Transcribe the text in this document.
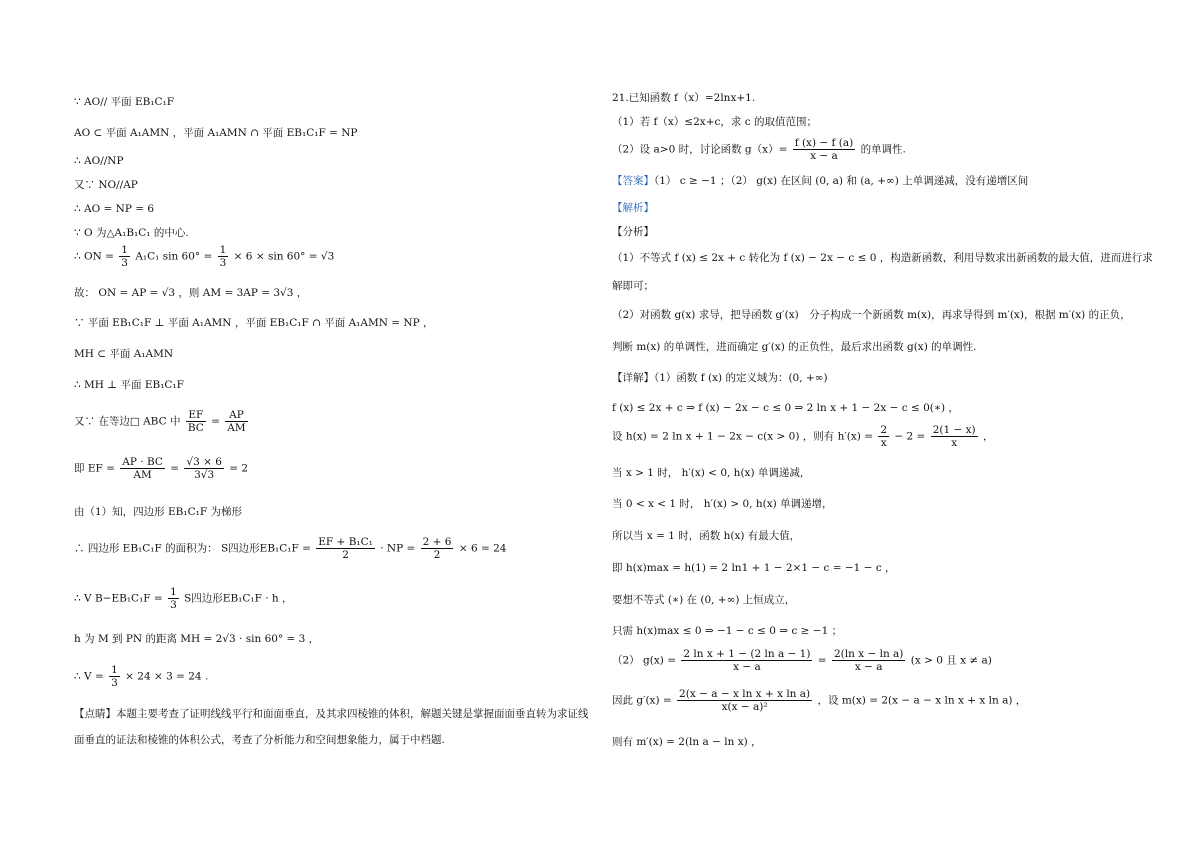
∵ AO// 平面 EB₁C₁F
AO ⊂ 平面 A₁AMN ，平面 A₁AMN ∩ 平面 EB₁C₁F = NP
∴ AO//NP
又∵ NO//AP
∴ AO = NP = 6
∵ O 为△A₁B₁C₁ 的中心.
∴ ON = $\frac{1}{3} A_1C_1$ $\sin 60^\circ = \frac{1}{3} \times 6 \times \sin 60^\circ = √3$
故： ON = AP = √3 ，则 AM = 3AP = 3√3 ，
∵ 平面 EB₁C₁F ⊥ 平面 A₁AMN ，平面 EB₁C₁F ∩ 平面 A₁AMN = NP ，
MH ⊂ 平面 A₁AMN
∴ MH ⊥ 平面 EB₁C₁F
又∵ 在等边□ ABC 中 $\frac{EF}{BC} = \frac{AP}{AM}$
即 EF = $\frac{AP \cdot BC}{AM} = \frac{√3 \times 6}{3√3} = 2$
由（1）知，四边形 EB₁C₁F 为梯形
∴ 四边形 EB₁C₁F 的面积为： S四边形$EB_1C_1F = \frac{\text{EF + B₁C₁}}{2}$ · NP = $\frac{2 + 6}{2} \times 6 = 24$
∴ V $B-EB_1C_1F = \frac{1}{3}$ S四边形EB₁C₁F · h ，
h 为 M 到 PN 的距离 MH = 2√3 · sin 60° = 3 ，
∴ $V = \frac{1}{3} \times 24 \times 3 = 24$ .
【点睛】本题主要考查了证明线线平行和面面垂直，及其求四棱锥的体积，解题关键是掌握面面垂直转为求证线
面垂直的证法和棱锥的体积公式，考查了分析能力和空间想象能力，属于中档题.
21.已知函数 f（x）=2lnx+1.
（1）若 f（x）≤2x+c，求 c 的取值范围；
（2）设 a>0 时，讨论函数 $g(x)= \frac{f (x) - f (a)}{x - a}$ 的单调性.
【答案】（1） c ≥ −1 ；（2） g(x) 在区间 (0, a) 和 (a, +∞) 上单调递减，没有递增区间
【解析】
【分析】
（1）不等式 f (x) ≤ 2x + c 转化为 f (x) − 2x − c ≤ 0 ，构造新函数，利用导数求出新函数的最大值，进而进行求
解即可；
（2）对函数 g(x) 求导，把导函数 g′(x)　分子构成一个新函数 m(x)，再求导得到 m′(x)，根据 m′(x) 的正负，
判断 m(x) 的单调性，进而确定 g′(x) 的正负性，最后求出函数 g(x) 的单调性.
【详解】（1）函数 f (x) 的定义域为：(0, +∞)
f (x) ≤ 2x + c ⇒ f (x) − 2x − c ≤ 0 ⇒ 2 ln x + 1 − 2x − c ≤ 0(∗) ，
设 h(x) = 2 ln x + 1 − 2x − c(x > 0) ，则有 $h'(x) = \frac{2}{x} - 2 = \frac{2(1 - x)}{x}$ ，
当 x > 1 时， h′(x) < 0, h(x) 单调递减，
当 0 < x < 1 时， h′(x) > 0, h(x) 单调递增，
所以当 x = 1 时，函数 h(x) 有最大值，
即 h(x)max = h(1) = 2 ln1 + 1 − 2×1 − c = −1 − c ，
要想不等式 (∗) 在 (0, +∞) 上恒成立，
只需 h(x)max ≤ 0 ⇒ −1 − c ≤ 0 ⇒ c ≥ −1 ；
（2） $g(x) = \frac{\text{2 ln x + 1 − (2 ln a − 1)}}{x - a} = \frac{\text{2(ln x − ln a)}}{x - a} (x > 0$ 且 x ≠ a)
因此 $g'(x) = \frac{\text{2(x − a − x ln x + x ln a)}}{\text{x(x − a)²}}$ ，设 m(x) = 2(x − a − x ln x + x ln a) ，
则有 m′(x) = 2(ln a − ln x) ，
